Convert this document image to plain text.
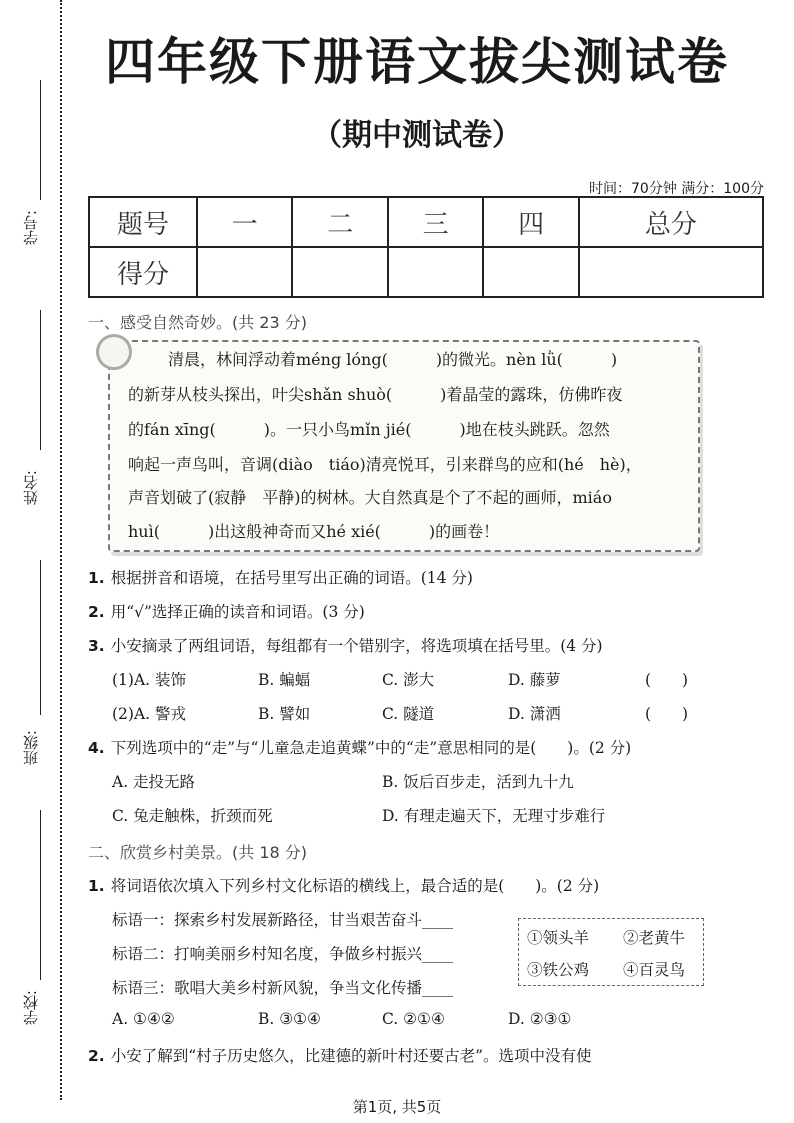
学号:
姓名:
班级:
学校:
四年级下册语文拔尖测试卷
（期中测试卷）
时间：70分钟 满分：100分
题号	一	二	三	四	总分
得分					
一、感受自然奇妙。(共 23 分)
清晨，林间浮动着méng lóng(　　　)的微光。nèn lǜ(　　　)
的新芽从枝头探出，叶尖shǎn shuò(　　　)着晶莹的露珠，仿佛昨夜
的fán xīng(　　　)。一只小鸟mǐn jié(　　　)地在枝头跳跃。忽然
响起一声鸟叫，音调(diào　tiáo)清亮悦耳，引来群鸟的应和(hé　hè)，
声音划破了(寂静　平静)的树林。大自然真是个了不起的画师，miáo
huì(　　　)出这般神奇而又hé xié(　　　)的画卷！
1. 根据拼音和语境，在括号里写出正确的词语。(14 分)
2. 用“√”选择正确的读音和词语。(3 分)
3. 小安摘录了两组词语，每组都有一个错别字，将选项填在括号里。(4 分)
(1)A. 装饰	B. 蝙蝠	C. 澎大	D. 藤萝	(　　)
(2)A. 警戎	B. 譬如	C. 隧道	D. 潇洒	(　　)
4. 下列选项中的“走”与“儿童急走追黄蝶”中的“走”意思相同的是(　　)。(2 分)
A. 走投无路	B. 饭后百步走，活到九十九
C. 兔走触株，折颈而死	D. 有理走遍天下，无理寸步难行
二、欣赏乡村美景。(共 18 分)
1. 将词语依次填入下列乡村文化标语的横线上，最合适的是(　　)。(2 分)
标语一：探索乡村发展新路径，甘当艰苦奋斗____
标语二：打响美丽乡村知名度，争做乡村振兴____
标语三：歌唱大美乡村新风貌，争当文化传播____
①领头羊 ②老黄牛
③铁公鸡 ④百灵鸟
A. ①④②	B. ③①④	C. ②①④	D. ②③①
2. 小安了解到“村子历史悠久，比建德的新叶村还要古老”。选项中没有使
第1页, 共5页
